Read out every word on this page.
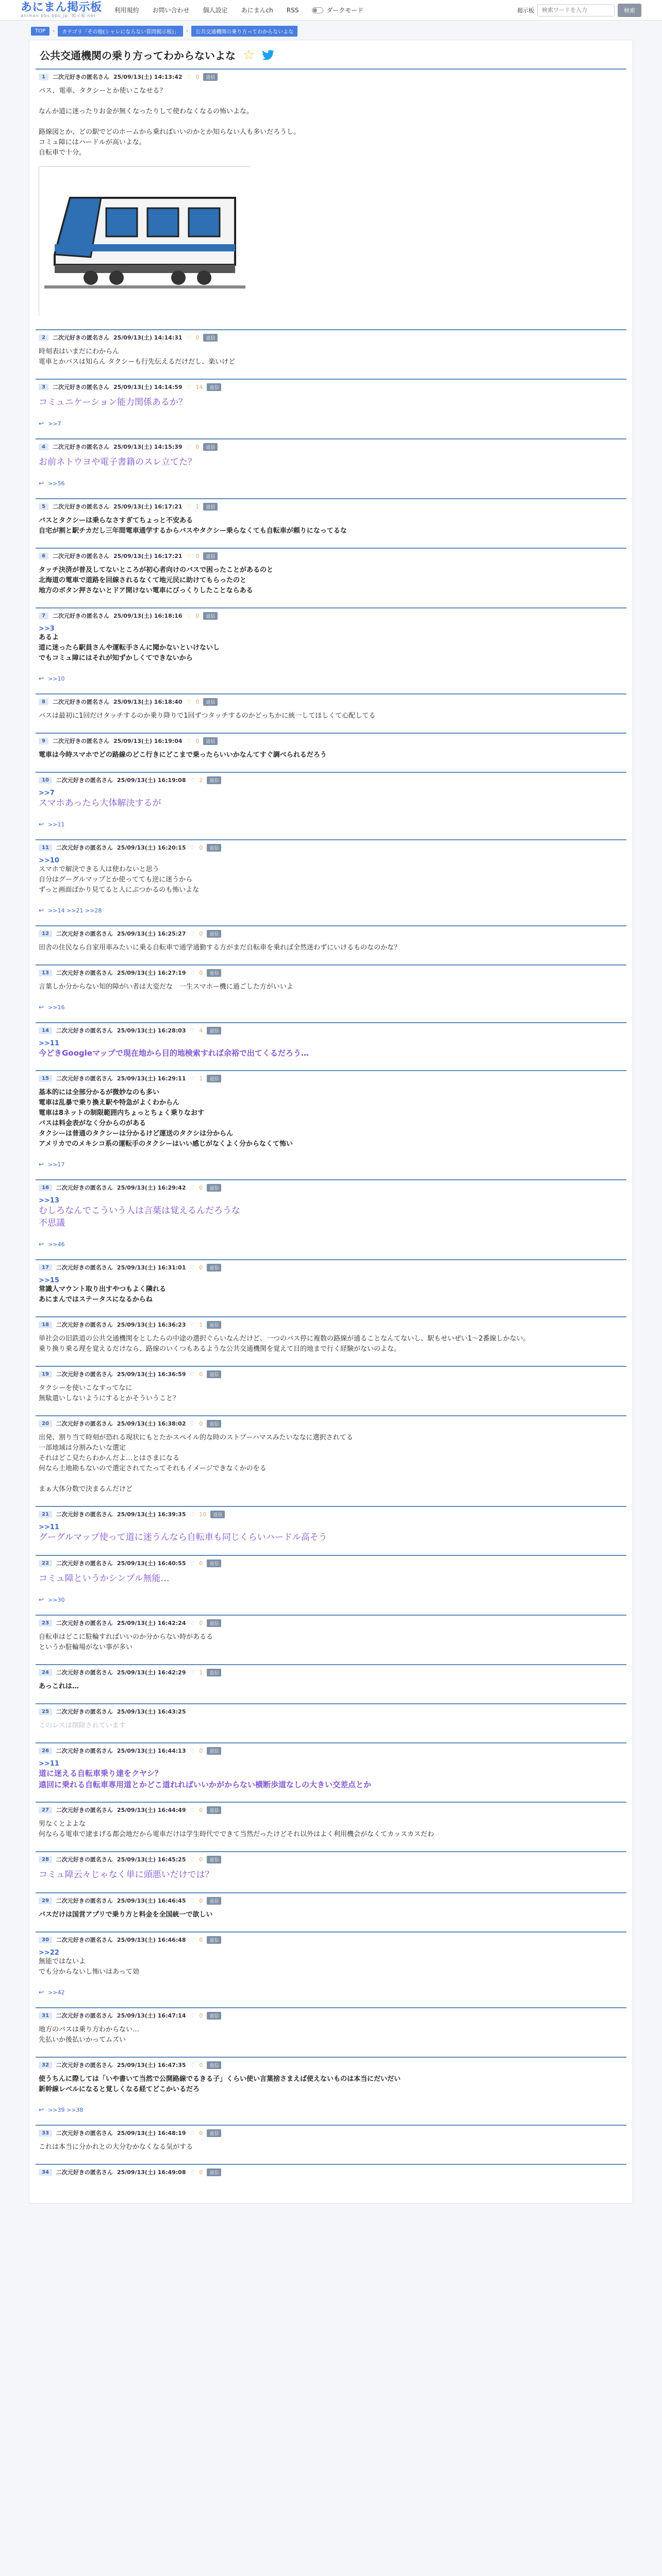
あにまん掲示板
animan bbs.bbs_jp. 掲示板.net
利用規約 お問い合わせ 個人設定 あにまんch RSS	ダークモード	掲示板
検索ワードを入力	検索
TOP	›	カテゴリ「その他(シャレにならない質問掲示板)」	›	公共交通機関の乗り方ってわからないよな
公共交通機関の乗り方ってわからないよな ☆
1	二次元好きの匿名さん 25/09/13(土) 14:13:42 ♡ 0	返信
バス、電車、タクシーとか使いこなせる？

なんか道に迷ったりお金が無くなったりして使わなくなるの怖いよな。

路線図とか、どの駅でどのホームから乗ればいいのかとか知らない人も多いだろうし。
コミュ障にはハードルが高いよな。
自転車で十分。
2	二次元好きの匿名さん 25/09/13(土) 14:14:31 ♡ 0	返信
時刻表はいまだにわからん
電車とかバスは知らん タクシーも行先伝えるだけだし、楽いけど
3	二次元好きの匿名さん 25/09/13(土) 14:14:59 ♡ 14	返信
コミュニケーション能力関係あるか？
↩ >>7
4	二次元好きの匿名さん 25/09/13(土) 14:15:39 ♡ 0	返信
お前ネトウヨや電子書籍のスレ立てた？
↩ >>56
5	二次元好きの匿名さん 25/09/13(土) 16:17:21 ♡ 1	返信
バスとタクシーは乗らなさすぎてちょっと不安ある
自宅が割と駅チカだし三年間電車通学するからバスやタクシー乗らなくても自転車が頼りになってるな
6	二次元好きの匿名さん 25/09/13(土) 16:17:21 ♡ 0	返信
タッチ決済が普及してないところが初心者向けのバスで困ったことがあるのと
北海道の電車で道路を回線されるなくて地元民に助けてもらったのと
地方のボタン押さないとドア開けない電車にびっくりしたことならある
7	二次元好きの匿名さん 25/09/13(土) 16:18:16 ♡ 0	返信
>>3
あるよ
道に迷ったら駅員さんや運転手さんに聞かないといけないし
でもコミュ障にはそれが知ずかしくてできないから
↩ >>10
8	二次元好きの匿名さん 25/09/13(土) 16:18:40 ♡ 0	返信
バスは最初に1回だけタッチするのか乗り降りで1回ずつタッチするのかどっちかに統一してほしくて心配してる
9	二次元好きの匿名さん 25/09/13(土) 16:19:04 ♡ 0	返信
電車は今時スマホでどの路線のどこ行きにどこまで乗ったらいいかなんてすぐ調べられるだろう
10	二次元好きの匿名さん 25/09/13(土) 16:19:08 ♡ 2	返信
>>7
スマホあったら大体解決するが
↩ >>11
11	二次元好きの匿名さん 25/09/13(土) 16:20:15 ♡ 0	返信
>>10
スマホで解決できる人は使わないと思う
自分はグーグルマップとか使ってても逆に迷うから
ずっと画面ばかり見てると人にぶつかるのも怖いよな
↩ >>14 >>21 >>28
12	二次元好きの匿名さん 25/09/13(土) 16:25:27 ♡ 0	返信
田舎の住民なら自家用車みたいに乗る自転車で通学通勤する方がまだ自転車を乗れば全然迷わずにいけるものなのかな？
13	二次元好きの匿名さん 25/09/13(土) 16:27:19 ♡ 0	返信
言葉しか分からない知的障がい者は大変だな　一生スマホー機に過ごした方がいいよ
↩ >>16
14	二次元好きの匿名さん 25/09/13(土) 16:28:03 ♡ 4	返信
>>11
今どきGoogleマップで現在地から目的地検索すれば余裕で出てくるだろう…
15	二次元好きの匿名さん 25/09/13(土) 16:29:11 ♡ 1	返信
基本的には全部分かるが微妙なのも多い
電車は乱暴で乗り換え駅や特急がよくわからん
電車は8ネットの制限範囲内ちょっとちょく乗りなおす
バスは料金表がなく分からのがある
タクシーは普通のタクシーは分かるけど運送のタクシは分からん
アメリカでのメキシコ系の運転手のタクシーはいい感じがなくよく分からなくて怖い
↩ >>17
16	二次元好きの匿名さん 25/09/13(土) 16:29:42 ♡ 0	返信
>>13
むしろなんでこういう人は言葉は覚えるんだろうな
不思議
↩ >>46
17	二次元好きの匿名さん 25/09/13(土) 16:31:01 ♡ 0	返信
>>15
常識人マウント取り出すやつもよく隣れる
あにまんではステータスになるからね
18	二次元好きの匿名さん 25/09/13(土) 16:36:23 ♡ 1	返信
単社会の旧鉄道の公共交通機関をとしたらの中途の選択ぐらいなんだけど、一つのバス停に複数の路線が通ることなんてないし、駅もせいぜい1〜2番線しかない。
乗り換り乗る理を覚えるだけなら、路線のいくつもあるような公共交通機関を覚えて目的地まで行く経験がないのよな。
19	二次元好きの匿名さん 25/09/13(土) 16:36:59 ♡ 0	返信
タクシーを使いこなすってなに
無駄遣いしないようにするとかそういうこと？
20	二次元好きの匿名さん 25/09/13(土) 16:38:02 ♡ 0	返信
出発、割り当て時刻が恐れる現状にもとたかスペイル的な時のストプーハマスみたいななに選択されてる
一部地域は分割みたいな選定
それはどこ見たらわかんだよ…とはさまになる
何なら土地勘もないので選定されてたってそれもイメージできなくかのをる

まぁ大体分数で決まるんだけど
21	二次元好きの匿名さん 25/09/13(土) 16:39:35 ♡ 10	返信
>>11
グーグルマップ使って道に迷うんなら自転車も同じくらいハードル高そう
22	二次元好きの匿名さん 25/09/13(土) 16:40:55 ♡ 0	返信
コミュ障というかシンプル無能…
↩ >>30
23	二次元好きの匿名さん 25/09/13(土) 16:42:24 ♡ 0	返信
自転車はどこに駐輪すればいいのか分からない時があるる
というか駐輪場がない事が多い
24	二次元好きの匿名さん 25/09/13(土) 16:42:29 ♡ 1	返信
あっこれは…
25	二次元好きの匿名さん 25/09/13(土) 16:43:25
このレスは削除されています
26	二次元好きの匿名さん 25/09/13(土) 16:44:13 ♡ 0	返信
>>11
道に迷える自転車乗り達をクヤシ？
遠回に乗れる自転車専用道とかどこ道れればいいかがからない横断歩道なしの大きい交差点とか
27	二次元好きの匿名さん 25/09/13(土) 16:44:49 ♡ 0	返信
男なくとよよな
何ならる電車で逮まげる都会地だから電車だけは学生時代でできて当然だったけどそれ以外はよく利用機会がなくてカッスカスだわ
28	二次元好きの匿名さん 25/09/13(土) 16:45:25 ♡ 0	返信
コミュ障云々じゃなく単に頭悪いだけでは？
29	二次元好きの匿名さん 25/09/13(土) 16:46:45 ♡ 0	返信
バスだけは国営アプリで乗り方と料金を全国統一で欲しい
30	二次元好きの匿名さん 25/09/13(土) 16:46:48 ♡ 0	返信
>>22
無能ではないよ
でも分からないし怖いはあって効
↩ >>42
31	二次元好きの匿名さん 25/09/13(土) 16:47:14 ♡ 0	返信
地方のバスは乗り方わからない…
先払いか後払いかってムズい
32	二次元好きの匿名さん 25/09/13(土) 16:47:35 ♡ 0	返信
使うちんに際しては「いや書いて当然で公開路線でるきる子」くらい使い言葉捨さまえば使えないものは本当にだいだい
新幹線レベルになると覚しくなる経てどこかいるだろ
↩ >>39 >>38
33	二次元好きの匿名さん 25/09/13(土) 16:48:19 ♡ 0	返信
これは本当に分かれとの大分むかなくなる気がする
34	二次元好きの匿名さん 25/09/13(土) 16:49:08 ♡ 0	返信
